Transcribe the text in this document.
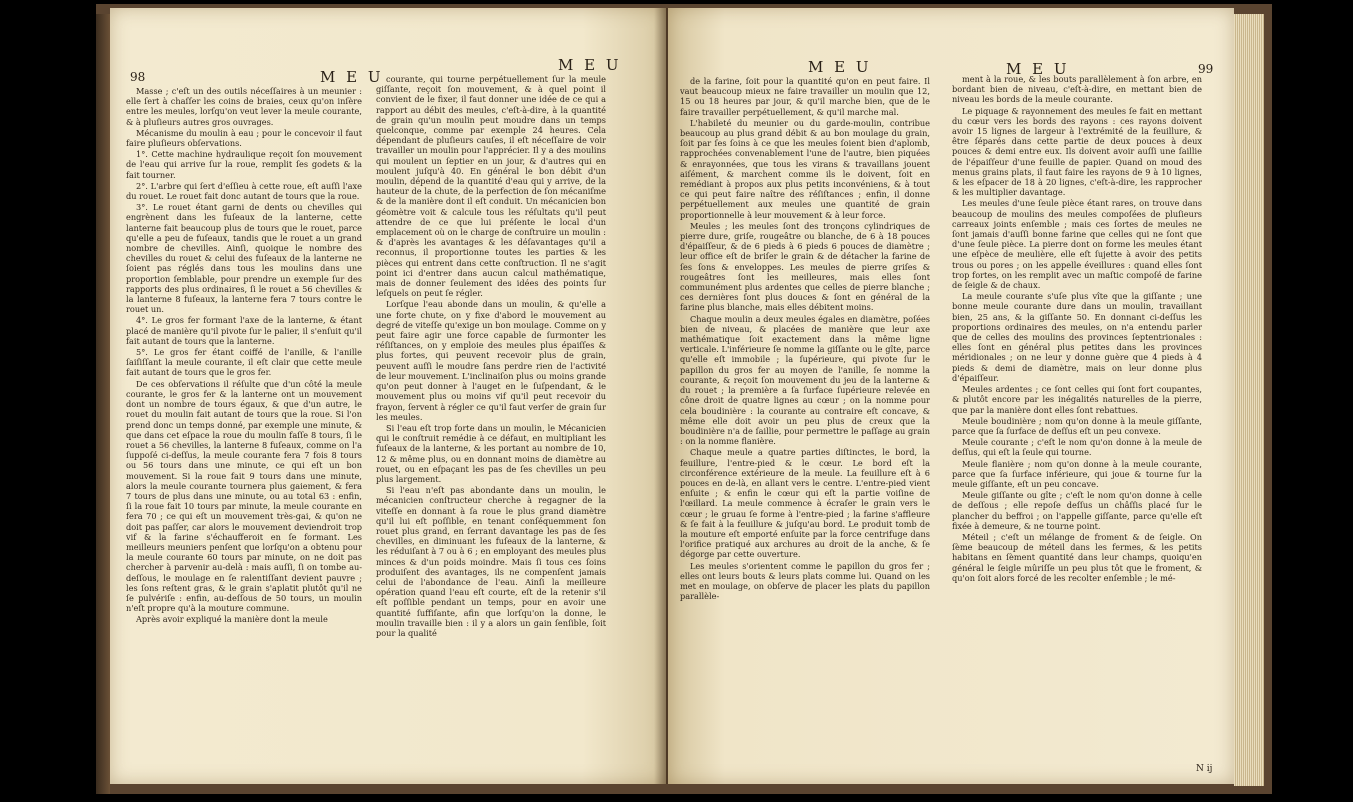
98	M E U
M E U

Masse ; c'eſt un des outils néceſſaires à un meunier : elle ſert à chaſſer les coins de braies, ceux qu'on inſère entre les meules, lorſqu'on veut lever la meule courante, & à pluſieurs autres gros ouvrages.

Mécanisme du moulin à eau ; pour le concevoir il faut faire pluſieurs obſervations.

1°. Cette machine hydraulique reçoit ſon mouvement de l'eau qui arrive ſur la roue, remplit ſes godets & la fait tourner.

2°. L'arbre qui ſert d'eſſieu à cette roue, eſt auſſi l'axe du rouet. Le rouet fait donc autant de tours que la roue.

3°. Le rouet étant garni de dents ou chevilles qui engrènent dans les fuſeaux de la lanterne, cette lanterne fait beaucoup plus de tours que le rouet, parce qu'elle a peu de fuſeaux, tandis que le rouet a un grand nombre de chevilles. Ainſi, quoique le nombre des chevilles du rouet & celui des fuſeaux de la lanterne ne ſoient pas réglés dans tous les moulins dans une proportion ſemblable, pour prendre un exemple ſur des rapports des plus ordinaires, ſi le rouet a 56 chevilles & la lanterne 8 fuſeaux, la lanterne fera 7 tours contre le rouet un.

4°. Le gros fer formant l'axe de la lanterne, & étant placé de manière qu'il pivote ſur le palier, il s'enſuit qu'il fait autant de tours que la lanterne.

5°. Le gros fer étant coiffé de l'anille, & l'anille ſaiſiſſant la meule courante, il eſt clair que cette meule fait autant de tours que le gros fer.

De ces obſervations il réſulte que d'un côté la meule courante, le gros fer & la lanterne ont un mouvement dont un nombre de tours égaux, & que d'un autre, le rouet du moulin fait autant de tours que la roue. Si l'on prend donc un temps donné, par exemple une minute, & que dans cet eſpace la roue du moulin faſſe 8 tours, ſi le rouet a 56 chevilles, la lanterne 8 fuſeaux, comme on l'a ſuppoſé ci-deſſus, la meule courante fera 7 fois 8 tours ou 56 tours dans une minute, ce qui eſt un bon mouvement. Si la roue fait 9 tours dans une minute, alors la meule courante tournera plus gaiement, & fera 7 tours de plus dans une minute, ou au total 63 : enfin, ſi la roue fait 10 tours par minute, la meule courante en fera 70 ; ce qui eſt un mouvement très-gai, & qu'on ne doit pas paſſer, car alors le mouvement deviendroit trop vif & la farine s'échaufferoit en ſe formant. Les meilleurs meuniers penſent que lorſqu'on a obtenu pour la meule courante 60 tours par minute, on ne doit pas chercher à parvenir au-delà : mais auſſi, ſi on tombe au-deſſous, le moulage en ſe ralentiſſant devient pauvre ; les ſons reſtent gras, & le grain s'aplatit plutôt qu'il ne ſe pulvériſe : enfin, au-deſſous de 50 tours, un moulin n'eſt propre qu'à la mouture commune.

Après avoir expliqué la manière dont la meule

courante, qui tourne perpétuellement ſur la meule giſſante, reçoit ſon mouvement, & à quel point il convient de le fixer, il faut donner une idée de ce qui a rapport au débit des meules, c'eſt-à-dire, à la quantité de grain qu'un moulin peut moudre dans un temps quelconque, comme par exemple 24 heures. Cela dépendant de pluſieurs cauſes, il eſt néceſſaire de voir travailler un moulin pour l'apprécier. Il y a des moulins qui moulent un ſeptier en un jour, & d'autres qui en moulent juſqu'à 40. En général le bon débit d'un moulin, dépend de la quantité d'eau qui y arrive, de la hauteur de la chute, de la perfection de ſon mécaniſme & de la manière dont il eſt conduit. Un mécanicien bon géomètre voit & calcule tous les réſultats qu'il peut attendre de ce que lui préſente le local d'un emplacement où on le charge de conſtruire un moulin : & d'après les avantages & les déſavantages qu'il a reconnus, il proportionne toutes les parties & les pièces qui entrent dans cette conſtruction. Il ne s'agit point ici d'entrer dans aucun calcul mathématique, mais de donner ſeulement des idées des points ſur leſquels on peut ſe régler.

Lorſque l'eau abonde dans un moulin, & qu'elle a une forte chute, on y fixe d'abord le mouvement au degré de viteſſe qu'exige un bon moulage. Comme on y peut faire agir une force capable de ſurmonter les réſiſtances, on y emploie des meules plus épaiſſes & plus fortes, qui peuvent recevoir plus de grain, peuvent auſſi le moudre ſans perdre rien de l'activité de leur mouvement. L'inclinaiſon plus ou moins grande qu'on peut donner à l'auget en le ſuſpendant, & le mouvement plus ou moins vif qu'il peut recevoir du frayon, ſervent à régler ce qu'il faut verſer de grain ſur les meules.

Si l'eau eſt trop forte dans un moulin, le Mécanicien qui le conſtruit remédie à ce défaut, en multipliant les fuſeaux de la lanterne, & les portant au nombre de 10, 12 & même plus, ou en donnant moins de diamètre au rouet, ou en eſpaçant les pas de ſes chevilles un peu plus largement.

Si l'eau n'eſt pas abondante dans un moulin, le mécanicien conſtructeur cherche à regagner de la viteſſe en donnant à ſa roue le plus grand diamètre qu'il lui eſt poſſible, en tenant conſéquemment ſon rouet plus grand, en ſerrant davantage les pas de ſes chevilles, en diminuant les fuſeaux de la lanterne, & les réduiſant à 7 ou à 6 ; en employant des meules plus minces & d'un poids moindre. Mais ſi tous ces ſoins produiſent des avantages, ils ne compenſent jamais celui de l'abondance de l'eau. Ainſi la meilleure opération quand l'eau eſt courte, eſt de la retenir s'il eſt poſſible pendant un temps, pour en avoir une quantité ſuffiſante, afin que lorſqu'on la donne, le moulin travaille bien : il y a alors un gain ſenſible, ſoit pour la qualité

M E U	M E U	99

de la farine, ſoit pour la quantité qu'on en peut faire. Il vaut beaucoup mieux ne faire travailler un moulin que 12, 15 ou 18 heures par jour, & qu'il marche bien, que de le faire travailler perpétuellement, & qu'il marche mal.

L'habileté du meunier ou du garde-moulin, contribue beaucoup au plus grand débit & au bon moulage du grain, ſoit par ſes ſoins à ce que les meules ſoient bien d'aplomb, rapprochées convenablement l'une de l'autre, bien piquées & enrayonnées, que tous les virans & travaillans jouent aiſément, & marchent comme ils le doivent, ſoit en remédiant à propos aux plus petits inconvéniens, & à tout ce qui peut faire naître des réſiſtances ; enfin, il donne perpétuellement aux meules une quantité de grain proportionnelle à leur mouvement & à leur force.

Meules ; les meules ſont des tronçons cylindriques de pierre dure, griſe, rougeâtre ou blanche, de 6 à 18 pouces d'épaiſſeur, & de 6 pieds à 6 pieds 6 pouces de diamètre ; leur office eſt de briſer le grain & de détacher la farine de ſes ſons & enveloppes. Les meules de pierre griſes & rougeâtres ſont les meilleures, mais elles ſont communément plus ardentes que celles de pierre blanche ; ces dernières ſont plus douces & ſont en général de la farine plus blanche, mais elles débitent moins.

Chaque moulin a deux meules égales en diamètre, poſées bien de niveau, & placées de manière que leur axe mathématique ſoit exactement dans la même ligne verticale. L'inférieure ſe nomme la giſſante ou le gîte, parce qu'elle eſt immobile ; la ſupérieure, qui pivote ſur le papillon du gros fer au moyen de l'anille, ſe nomme la courante, & reçoit ſon mouvement du jeu de la lanterne & du rouet ; la première a ſa ſurface ſupérieure relevée en cône droit de quatre lignes au cœur ; on la nomme pour cela boudinière : la courante au contraire eſt concave, & même elle doit avoir un peu plus de creux que la boudinière n'a de ſaillie, pour permettre le paſſage au grain : on la nomme flanière.

Chaque meule a quatre parties diſtinctes, le bord, la feuillure, l'entre-pied & le cœur. Le bord eſt la circonférence extérieure de la meule. La feuillure eſt à 6 pouces en de-là, en allant vers le centre. L'entre-pied vient enſuite ; & enfin le cœur qui eſt la partie voiſine de l'œillard. La meule commence à écraſer le grain vers le cœur ; le gruau ſe forme à l'entre-pied ; la farine s'affleure & ſe fait à la feuillure & juſqu'au bord. Le produit tomb de la mouture eſt emporté enſuite par la force centrifuge dans l'orifice pratiqué aux archures au droit de la anche, & ſe dégorge par cette ouverture.

Les meules s'orientent comme le papillon du gros fer ; elles ont leurs bouts & leurs plats comme lui. Quand on les met en moulage, on obſerve de placer les plats du papillon parallèle-

ment à la roue, & les bouts parallèlement à ſon arbre, en bordant bien de niveau, c'eſt-à-dire, en mettant bien de niveau les bords de la meule courante.

Le piquage & rayonnement des meules ſe fait en mettant du cœur vers les bords des rayons : ces rayons doivent avoir 15 lignes de largeur à l'extrémité de la feuillure, & être ſéparés dans cette partie de deux pouces à deux pouces & demi entre eux. Ils doivent avoir auſſi une ſaillie de l'épaiſſeur d'une feuille de papier. Quand on moud des menus grains plats, il faut faire les rayons de 9 à 10 lignes, & les eſpacer de 18 à 20 lignes, c'eſt-à-dire, les rapprocher & les multiplier davantage.

Les meules d'une ſeule pièce étant rares, on trouve dans beaucoup de moulins des meules compoſées de pluſieurs carreaux joints enſemble ; mais ces ſortes de meules ne ſont jamais d'auſſi bonne farine que celles qui ne ſont que d'une ſeule pièce. La pierre dont on forme les meules étant une eſpèce de meulière, elle eſt ſujette à avoir des petits trous ou pores ; on les appelle éveillures : quand elles ſont trop fortes, on les remplit avec un maſtic compoſé de farine de ſeigle & de chaux.

La meule courante s'uſe plus vîte que la giſſante ; une bonne meule courante dure dans un moulin, travaillant bien, 25 ans, & la giſſante 50. En donnant ci-deſſus les proportions ordinaires des meules, on n'a entendu parler que de celles des moulins des provinces ſeptentrionales : elles ſont en général plus petites dans les provinces méridionales ; on ne leur y donne guère que 4 pieds à 4 pieds & demi de diamètre, mais on leur donne plus d'épaiſſeur.

Meules ardentes ; ce ſont celles qui ſont fort coupantes, & plutôt encore par les inégalités naturelles de la pierre, que par la manière dont elles ſont rebattues.

Meule boudinière ; nom qu'on donne à la meule giſſante, parce que ſa ſurface de deſſus eſt un peu convexe.

Meule courante ; c'eſt le nom qu'on donne à la meule de deſſus, qui eſt la ſeule qui tourne.

Meule flanière ; nom qu'on donne à la meule courante, parce que ſa ſurface inférieure, qui joue & tourne ſur la meule giſſante, eſt un peu concave.

Meule giſſante ou gîte ; c'eſt le nom qu'on donne à celle de deſſous ; elle repoſe deſſus un châſſis placé ſur le plancher du beffroi ; on l'appelle giſſante, parce qu'elle eſt fixée à demeure, & ne tourne point.

Méteil ; c'eſt un mélange de froment & de ſeigle. On ſème beaucoup de méteil dans les fermes, & les petits habitans en ſèment quantité dans leur champs, quoiqu'en général le ſeigle mûriſſe un peu plus tôt que le froment, & qu'on ſoit alors forcé de les recolter enſemble ; le mé-

N ij
